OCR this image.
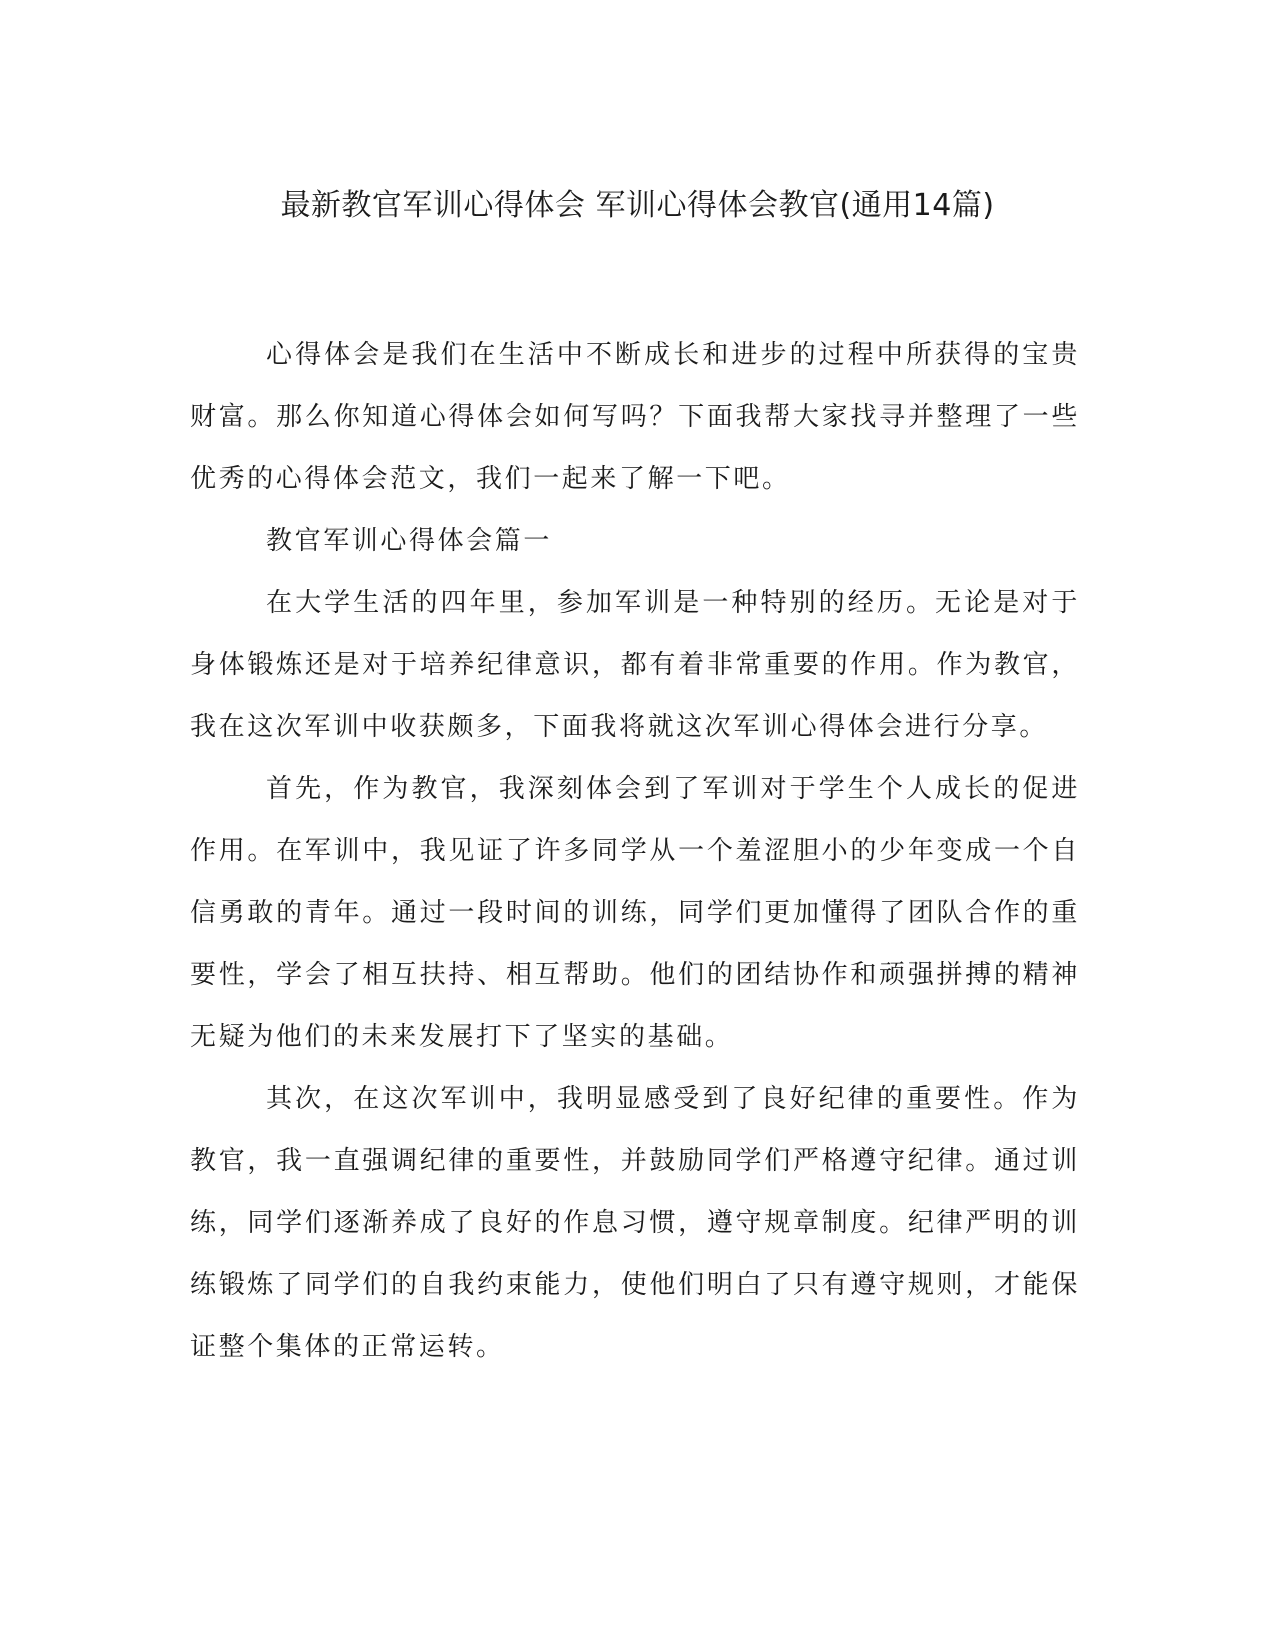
最新教官军训心得体会 军训心得体会教官(通用14篇)

心得体会是我们在生活中不断成长和进步的过程中所获得的宝贵财富。那么你知道心得体会如何写吗？下面我帮大家找寻并整理了一些优秀的心得体会范文，我们一起来了解一下吧。

教官军训心得体会篇一

在大学生活的四年里，参加军训是一种特别的经历。无论是对于身体锻炼还是对于培养纪律意识，都有着非常重要的作用。作为教官，我在这次军训中收获颇多，下面我将就这次军训心得体会进行分享。

首先，作为教官，我深刻体会到了军训对于学生个人成长的促进作用。在军训中，我见证了许多同学从一个羞涩胆小的少年变成一个自信勇敢的青年。通过一段时间的训练，同学们更加懂得了团队合作的重要性，学会了相互扶持、相互帮助。他们的团结协作和顽强拼搏的精神无疑为他们的未来发展打下了坚实的基础。

其次，在这次军训中，我明显感受到了良好纪律的重要性。作为教官，我一直强调纪律的重要性，并鼓励同学们严格遵守纪律。通过训练，同学们逐渐养成了良好的作息习惯，遵守规章制度。纪律严明的训练锻炼了同学们的自我约束能力，使他们明白了只有遵守规则，才能保证整个集体的正常运转。
